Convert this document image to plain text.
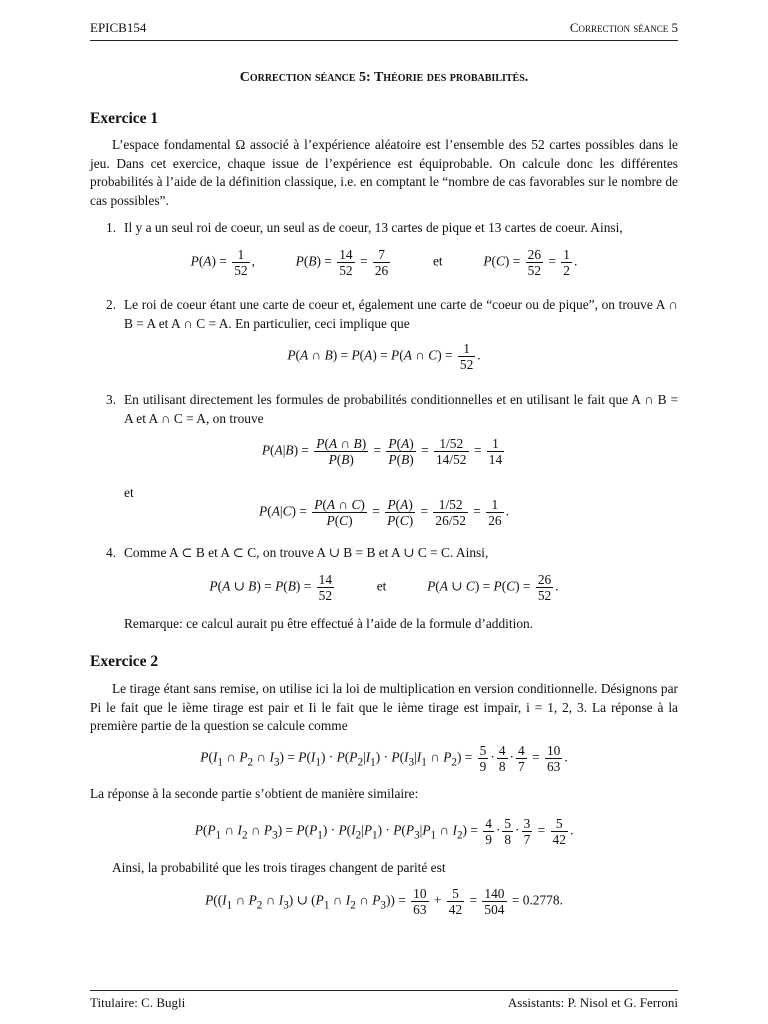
EPICB154	Correction séance 5
Correction séance 5: Théorie des probabilités.
Exercice 1
L’espace fondamental Ω associé à l’expérience aléatoire est l’ensemble des 52 cartes possibles dans le jeu. Dans cet exercice, chaque issue de l’expérience est équiprobable. On calcule donc les différentes probabilités à l’aide de la définition classique, i.e. en comptant le “nombre de cas favorables sur le nombre de cas possibles”.
1. Il y a un seul roi de coeur, un seul as de coeur, 13 cartes de pique et 13 cartes de coeur. Ainsi,
$P(A) = \frac{1}{52}$ ,	$P(B) = \frac{14}{52} = \frac{7}{26}$	et	$P(C) = \frac{26}{52} = \frac{1}{2}$ .
2. Le roi de coeur étant une carte de coeur et, également une carte de “coeur ou de pique”, on trouve A ∩ B = A et A ∩ C = A. En particulier, ceci implique que
P(A ∩ B) = P(A) = P(A ∩ $C) = \frac{1}{52}$ .
3. En utilisant directement les formules de probabilités conditionnelles et en utilisant le fait que A ∩ B = A et A ∩ C = A, on trouve
$P(A|B) = \frac{P(A \cap B)}{P(B)} = \frac{P(A)}{P(B)} = \frac{1/52}{14/52} = \frac{1}{14}$
et
$P(A|C) = \frac{P(A \cap C)}{P(C)} = \frac{P(A)}{P(C)} = \frac{1/52}{26/52} = \frac{1}{26}$ .
4. Comme A ⊂ B et A ⊂ C, on trouve A ∪ B = B et A ∪ C = C. Ainsi,
P(A ∪ $B) = P(B) = \frac{14}{52}$	et	P(A ∪ $C) = P(C) = \frac{26}{52}$ .
Remarque: ce calcul aurait pu être effectué à l’aide de la formule d’addition.
Exercice 2
Le tirage étant sans remise, on utilise ici la loi de multiplication en version conditionnelle. Désignons par Pi le fait que le ième tirage est pair et Ii le fait que le ième tirage est impair, i = 1, 2, 3. La réponse à la première partie de la question se calcule comme
$P(I_1$ ∩ $P_2$ ∩ $I_3) = P(I_1) \cdot P(P_2|I_1) \cdot P(I_3|I_1$ ∩ $P_2) = \frac{5}{9} \cdot \frac{4}{8} \cdot \frac{4}{7} = \frac{10}{63}$ .
La réponse à la seconde partie s’obtient de manière similaire:
$P(P_1$ ∩ $I_2$ ∩ $P_3) = P(P_1) \cdot P(I_2|P_1) \cdot P(P_3|P_1$ ∩ $I_2) = \frac{4}{9} \cdot \frac{5}{8} \cdot \frac{3}{7} = \frac{5}{42}$ .
Ainsi, la probabilité que les trois tirages changent de parité est
$P((I_1$ ∩ $P_2$ ∩ $I_3$) ∪ ($P_1$ ∩ $I_2$ ∩ $P_3)) = \frac{10}{63} + \frac{5}{42} = \frac{140}{504} = 0.2778$.
Titulaire: C. Bugli	Assistants: P. Nisol et G. Ferroni
